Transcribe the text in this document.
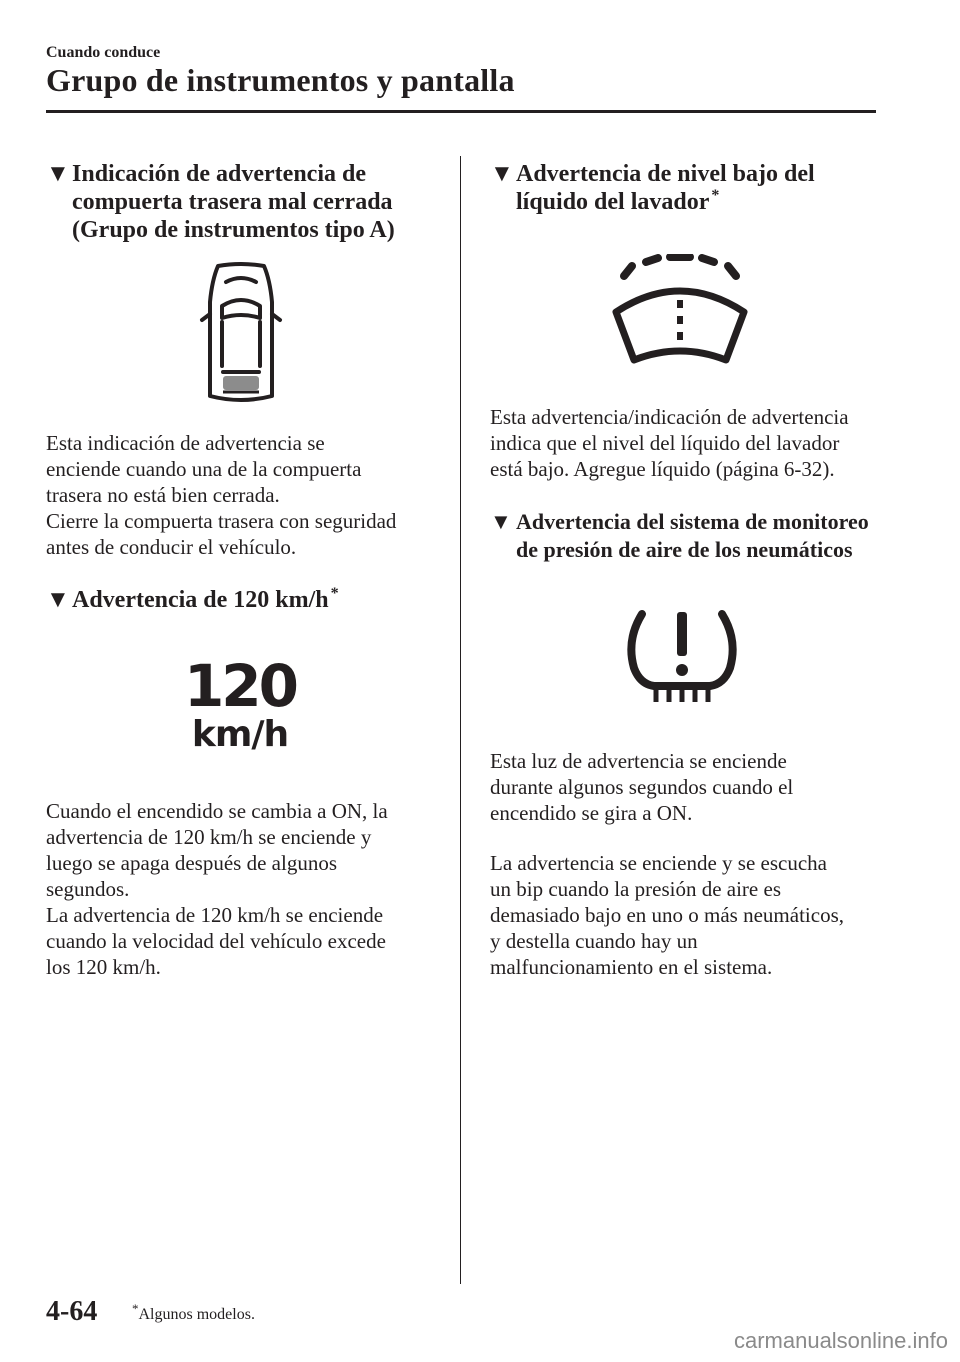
Cuando conduce
Grupo de instrumentos y pantalla
▼Indicación de advertencia de compuerta trasera mal cerrada (Grupo de instrumentos tipo A)
Esta indicación de advertencia se
enciende cuando una de la compuerta
trasera no está bien cerrada.
Cierre la compuerta trasera con seguridad
antes de conducir el vehículo.
▼Advertencia de 120 km/h *
120
km/h
Cuando el encendido se cambia a ON, la
advertencia de 120 km/h se enciende y
luego se apaga después de algunos
segundos.
La advertencia de 120 km/h se enciende
cuando la velocidad del vehículo excede
los 120 km/h.
▼Advertencia de nivel bajo del
líquido del lavador *
Esta advertencia/indicación de advertencia
indica que el nivel del líquido del lavador
está bajo. Agregue líquido (página 6-32).
▼ Advertencia del sistema de monitoreo
de presión de aire de los neumáticos
Esta luz de advertencia se enciende
durante algunos segundos cuando el
encendido se gira a ON.
La advertencia se enciende y se escucha
un bip cuando la presión de aire es
demasiado bajo en uno o más neumáticos,
y destella cuando hay un
malfuncionamiento en el sistema.
4-64	*Algunos modelos.
carmanualsonline.info
